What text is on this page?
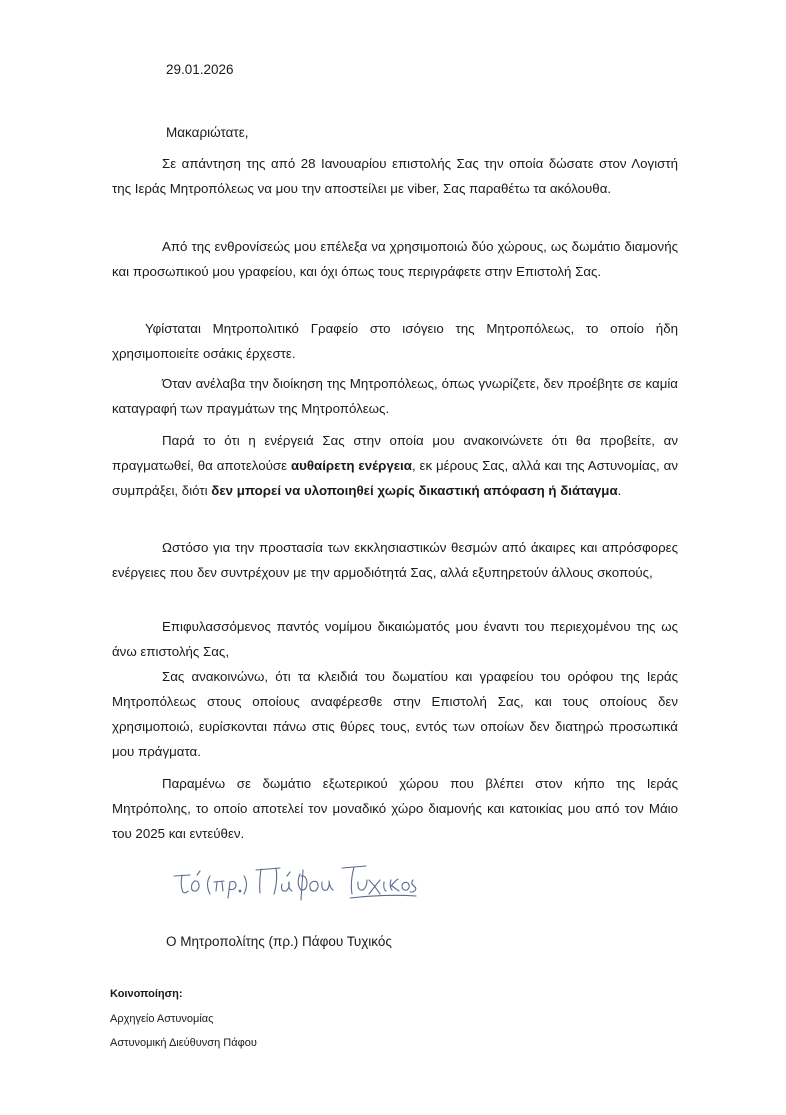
29.01.2026
Μακαριώτατε,

Σε απάντηση της από 28 Ιανουαρίου επιστολής Σας την οποία δώσατε στον Λογιστή της Ιεράς Μητροπόλεως να μου την αποστείλει με viber, Σας παραθέτω τα ακόλουθα.

Από της ενθρονίσεώς μου επέλεξα να χρησιμοποιώ δύο χώρους, ως δωμάτιο διαμονής και προσωπικού μου γραφείου, και όχι όπως τους περιγράφετε στην Επιστολή Σας.

Υφίσταται Μητροπολιτικό Γραφείο στο ισόγειο της Μητροπόλεως, το οποίο ήδη χρησιμοποιείτε οσάκις έρχεστε.

Όταν ανέλαβα την διοίκηση της Μητροπόλεως, όπως γνωρίζετε, δεν προέβητε σε καμία καταγραφή των πραγμάτων της Μητροπόλεως.

Παρά το ότι η ενέργειά Σας στην οποία μου ανακοινώνετε ότι θα προβείτε, αν πραγματωθεί, θα αποτελούσε αυθαίρετη ενέργεια, εκ μέρους Σας, αλλά και της Αστυνομίας, αν συμπράξει, διότι δεν μπορεί να υλοποιηθεί χωρίς δικαστική απόφαση ή διάταγμα.

Ωστόσο για την προστασία των εκκλησιαστικών θεσμών από άκαιρες και απρόσφορες ενέργειες που δεν συντρέχουν με την αρμοδιότητά Σας, αλλά εξυπηρετούν άλλους σκοπούς,

Επιφυλασσόμενος παντός νομίμου δικαιώματός μου έναντι του περιεχομένου της ως άνω επιστολής Σας,

Σας ανακοινώνω, ότι τα κλειδιά του δωματίου και γραφείου του ορόφου της Ιεράς Μητροπόλεως στους οποίους αναφέρεσθε στην Επιστολή Σας, και τους οποίους δεν χρησιμοποιώ, ευρίσκονται πάνω στις θύρες τους, εντός των οποίων δεν διατηρώ προσωπικά μου πράγματα.

Παραμένω σε δωμάτιο εξωτερικού χώρου που βλέπει στον κήπο της Ιεράς Μητρόπολης, το οποίο αποτελεί τον μοναδικό χώρο διαμονής και κατοικίας μου από τον Μάιο του 2025 και εντεύθεν.

Ο Μητροπολίτης (πρ.) Πάφου Τυχικός
Κοινοποίηση:
Αρχηγείο Αστυνομίας
Αστυνομική Διεύθυνση Πάφου
